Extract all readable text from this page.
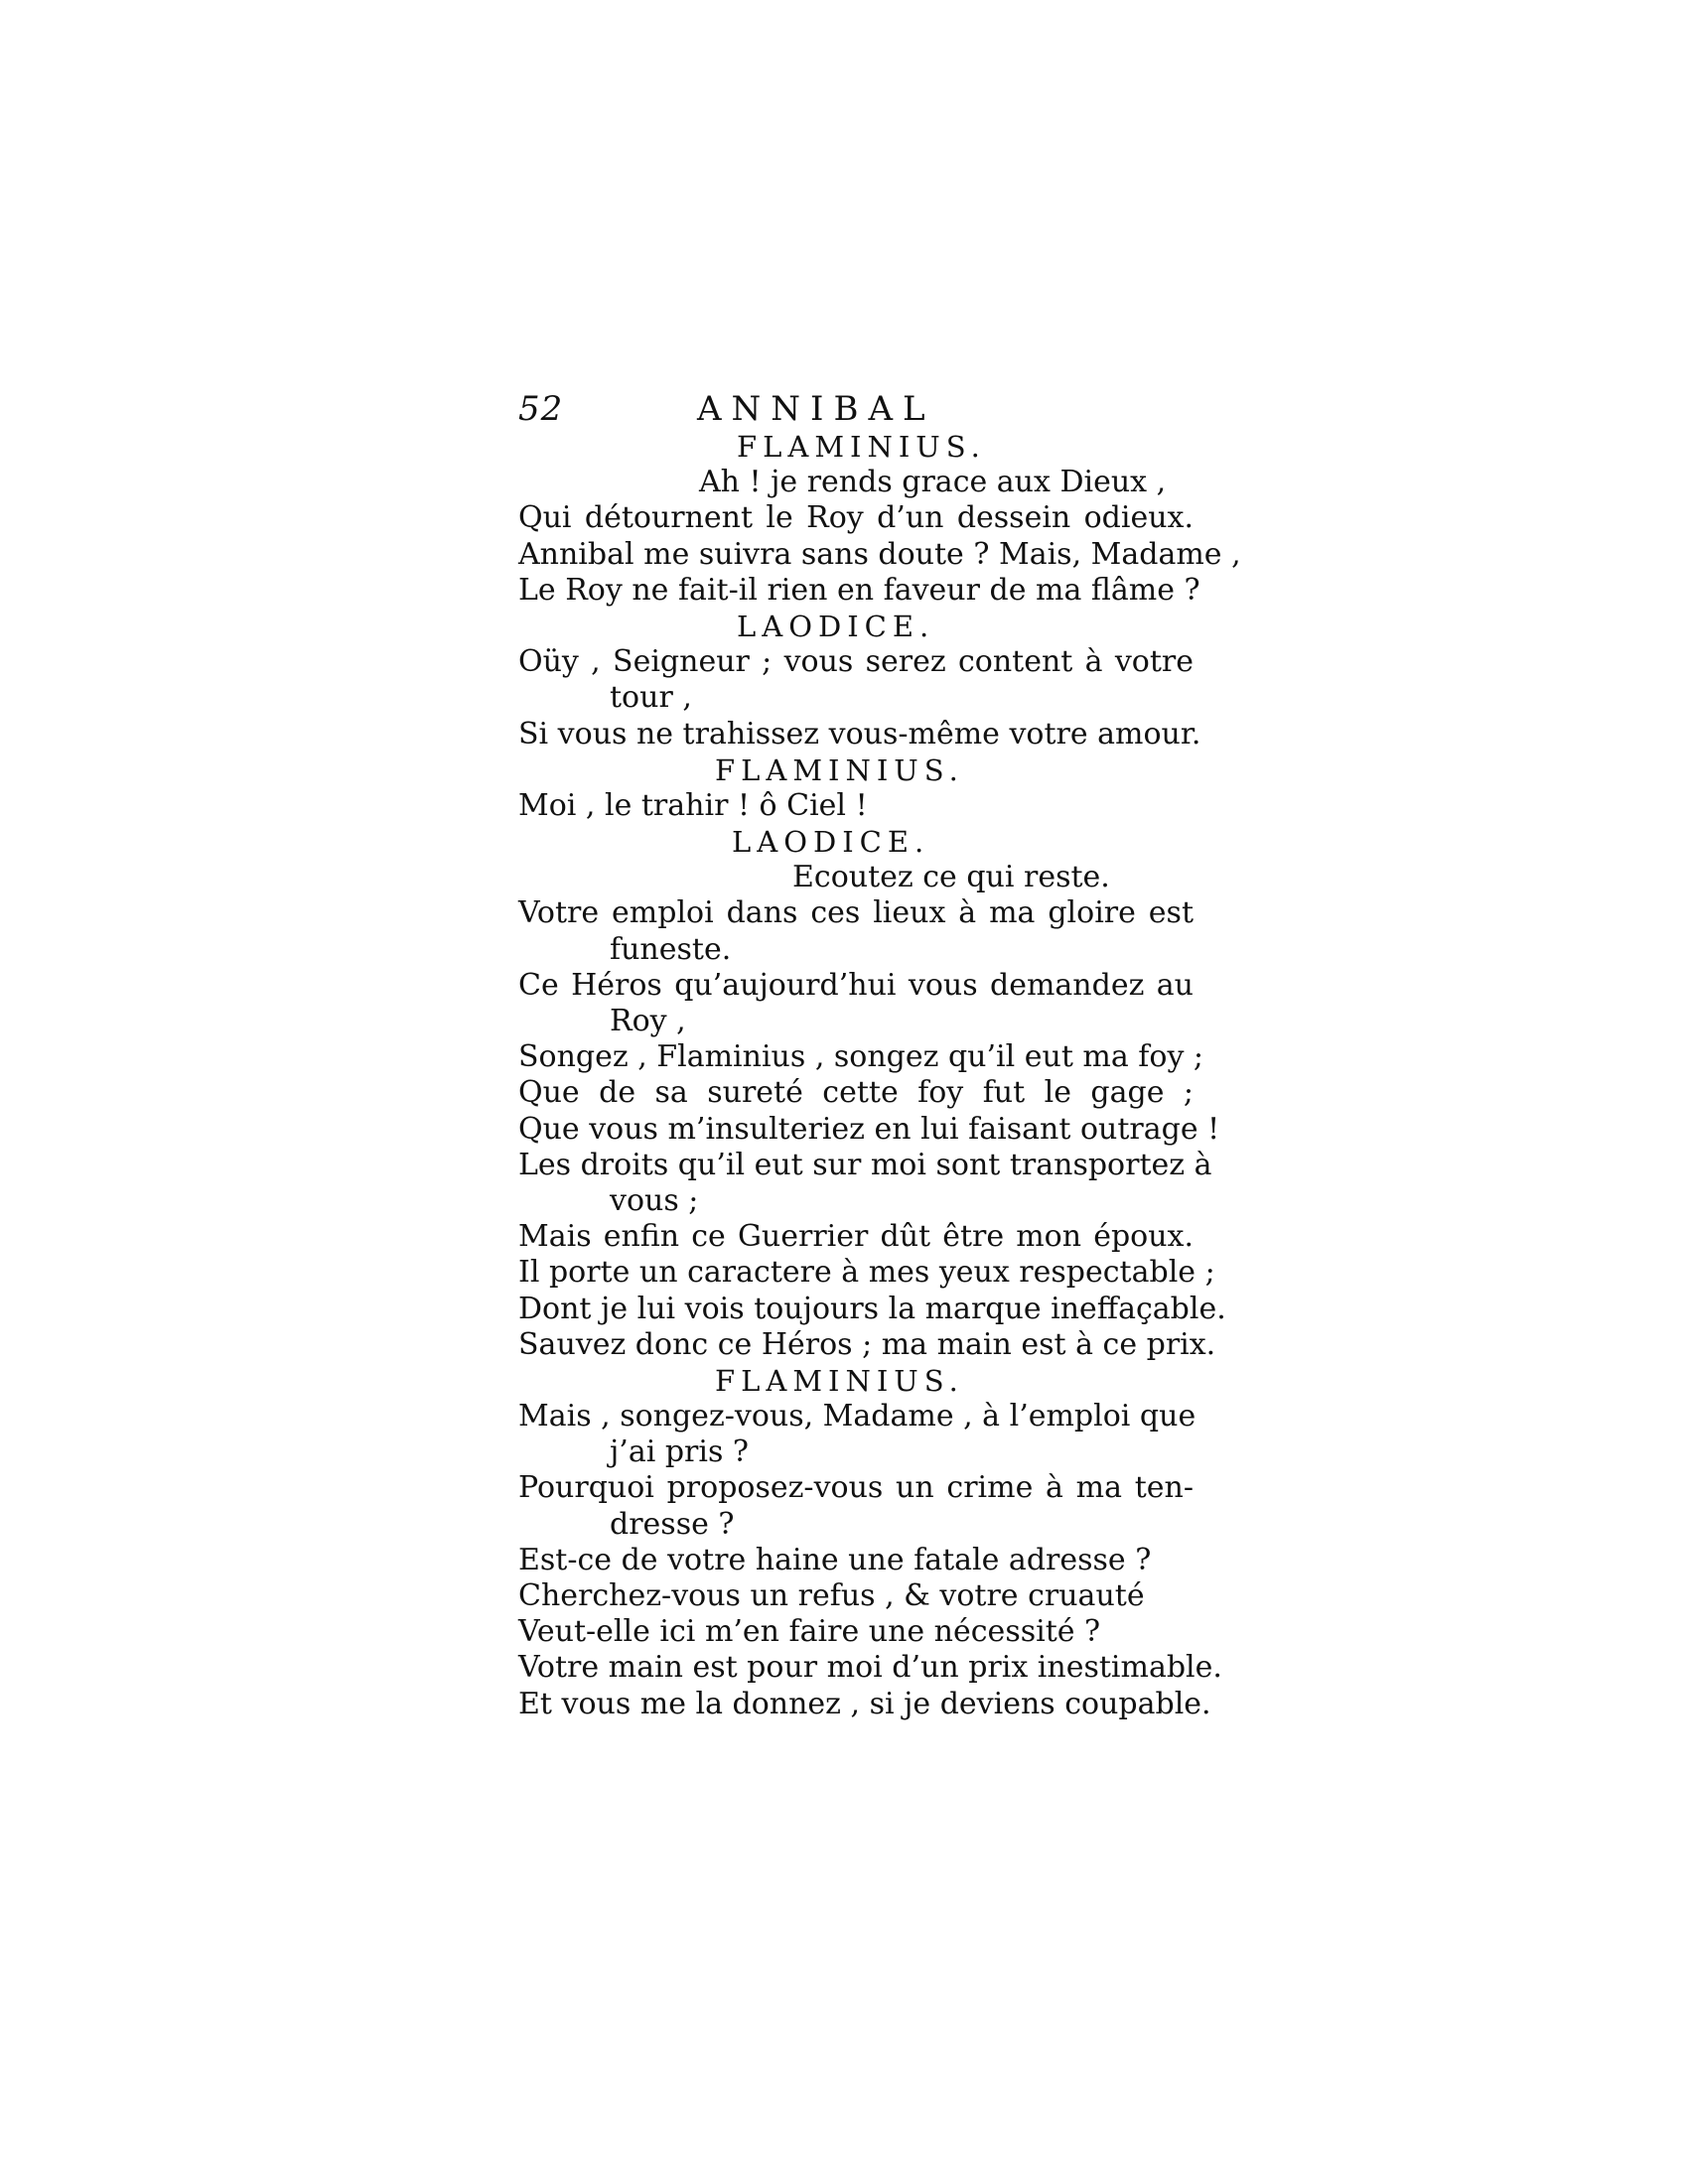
52	ANNIBAL
FLAMINIUS.
Ah ! je rends grace aux Dieux ,
Qui détournent le Roy d’un dessein odieux.
Annibal me suivra sans doute ? Mais, Madame ,
Le Roy ne fait-il rien en faveur de ma flâme ?
LAODICE.
Oüy , Seigneur ; vous serez content à votre
tour ,
Si vous ne trahissez vous-même votre amour.
FLAMINIUS.
Moi , le trahir ! ô Ciel !
LAODICE.
Ecoutez ce qui reste.
Votre emploi dans ces lieux à ma gloire est
funeste.
Ce Héros qu’aujourd’hui vous demandez au
Roy ,
Songez , Flaminius , songez qu’il eut ma foy ;
Que de sa sureté cette foy fut le gage ;
Que vous m’insulteriez en lui faisant outrage !
Les droits qu’il eut sur moi sont transportez à
vous ;
Mais enfin ce Guerrier dût être mon époux.
Il porte un caractere à mes yeux respectable ;
Dont je lui vois toujours la marque ineffaçable.
Sauvez donc ce Héros ; ma main est à ce prix.
FLAMINIUS.
Mais , songez-vous, Madame , à l’emploi que
j’ai pris ?
Pourquoi proposez-vous un crime à ma ten-
dresse ?
Est-ce de votre haine une fatale adresse ?
Cherchez-vous un refus , & votre cruauté
Veut-elle ici m’en faire une nécessité ?
Votre main est pour moi d’un prix inestimable.
Et vous me la donnez , si je deviens coupable.
